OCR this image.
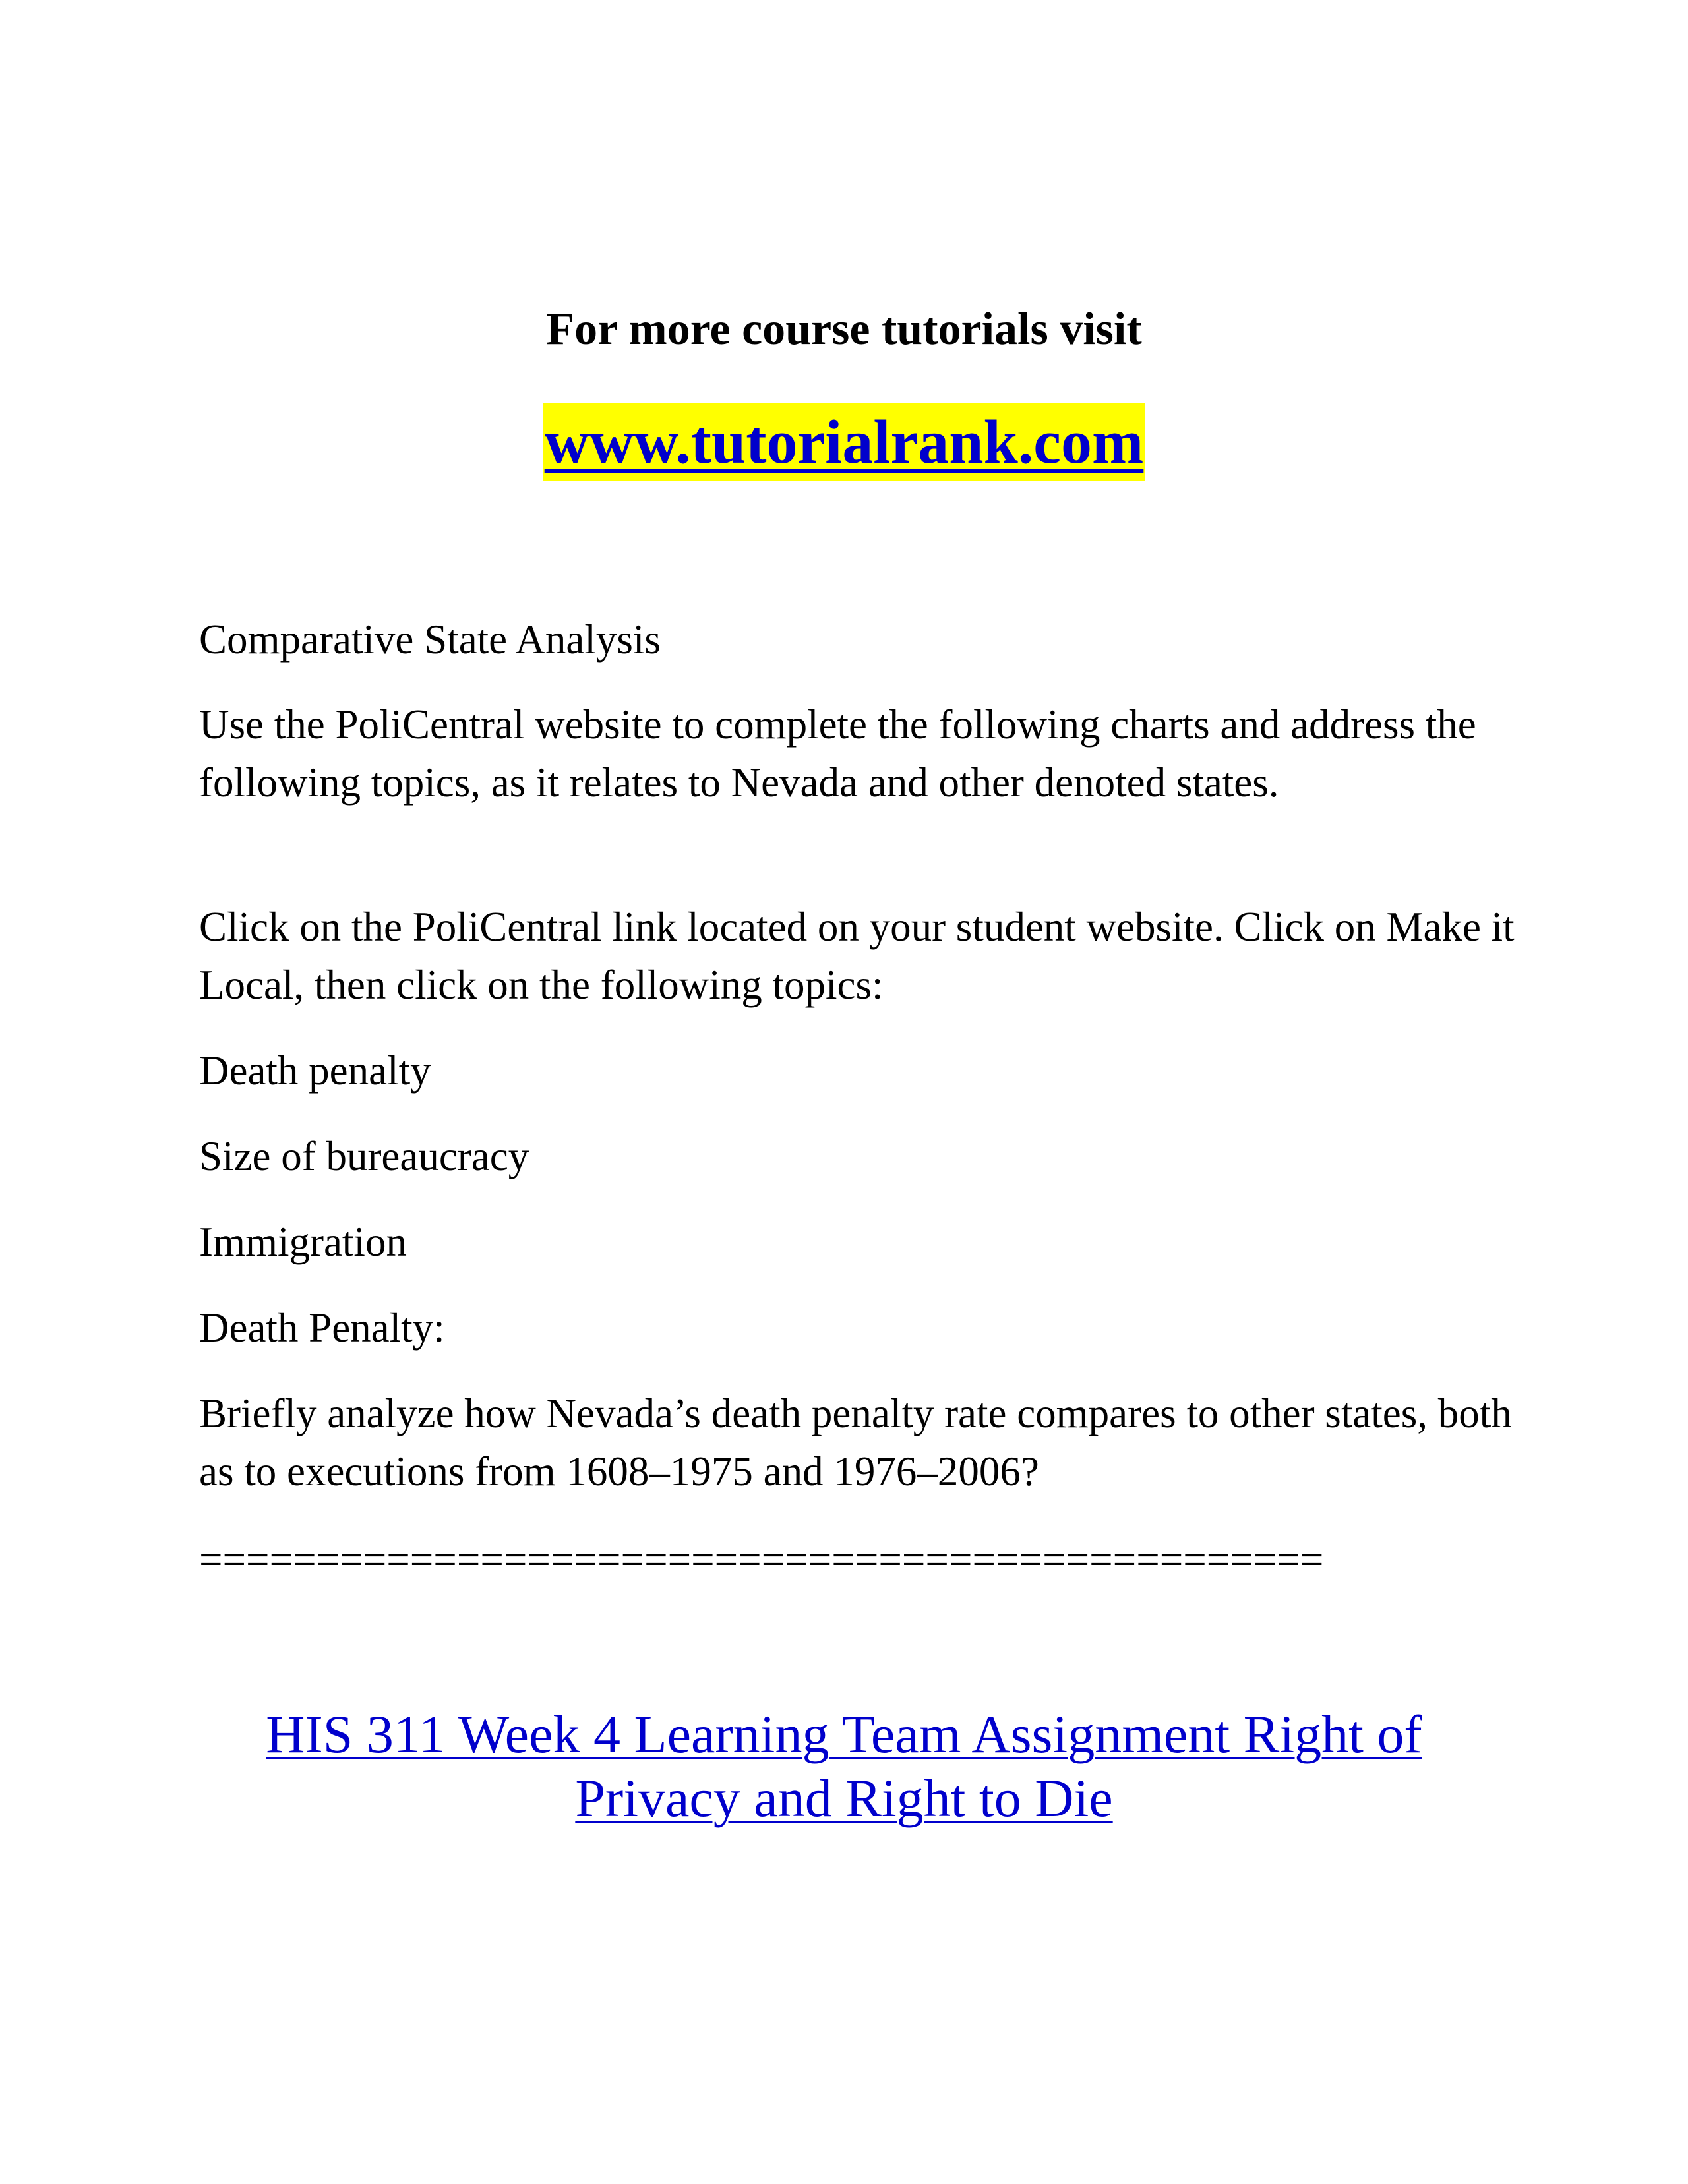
For more course tutorials visit
www.tutorialrank.com
Comparative State Analysis
Use the PoliCentral website to complete the following charts and address the following topics, as it relates to Nevada and other denoted states.
Click on the PoliCentral link located on your student website. Click on Make it Local, then click on the following topics:
Death penalty
Size of bureaucracy
Immigration
Death Penalty:
Briefly analyze how Nevada’s death penalty rate compares to other states, both as to executions from 1608–1975 and 1976–2006?
================================================
HIS 311 Week 4 Learning Team Assignment Right of Privacy and Right to Die
